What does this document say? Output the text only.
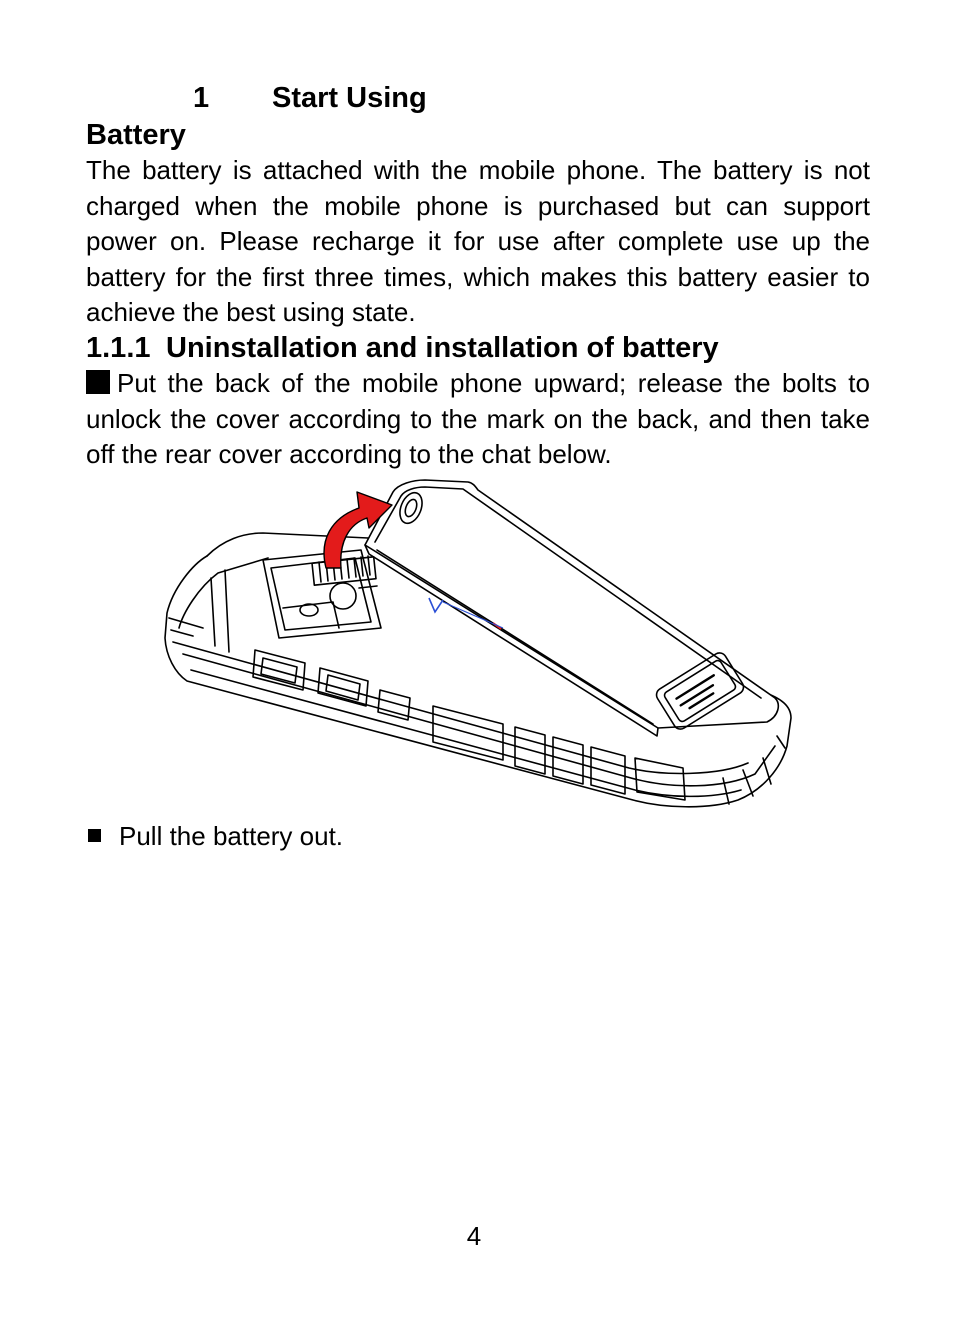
1 Start Using
Battery
The battery is attached with the mobile phone. The battery is not
charged when the mobile phone is purchased but can support
power on. Please recharge it for use after complete use up the
battery for the first three times, which makes this battery easier to
achieve the best using state.
1.1.1 Uninstallation and installation of battery
Put the back of the mobile phone upward; release the bolts to
unlock the cover according to the mark on the back, and then take
off the rear cover according to the chat below.
Pull the battery out.
4
